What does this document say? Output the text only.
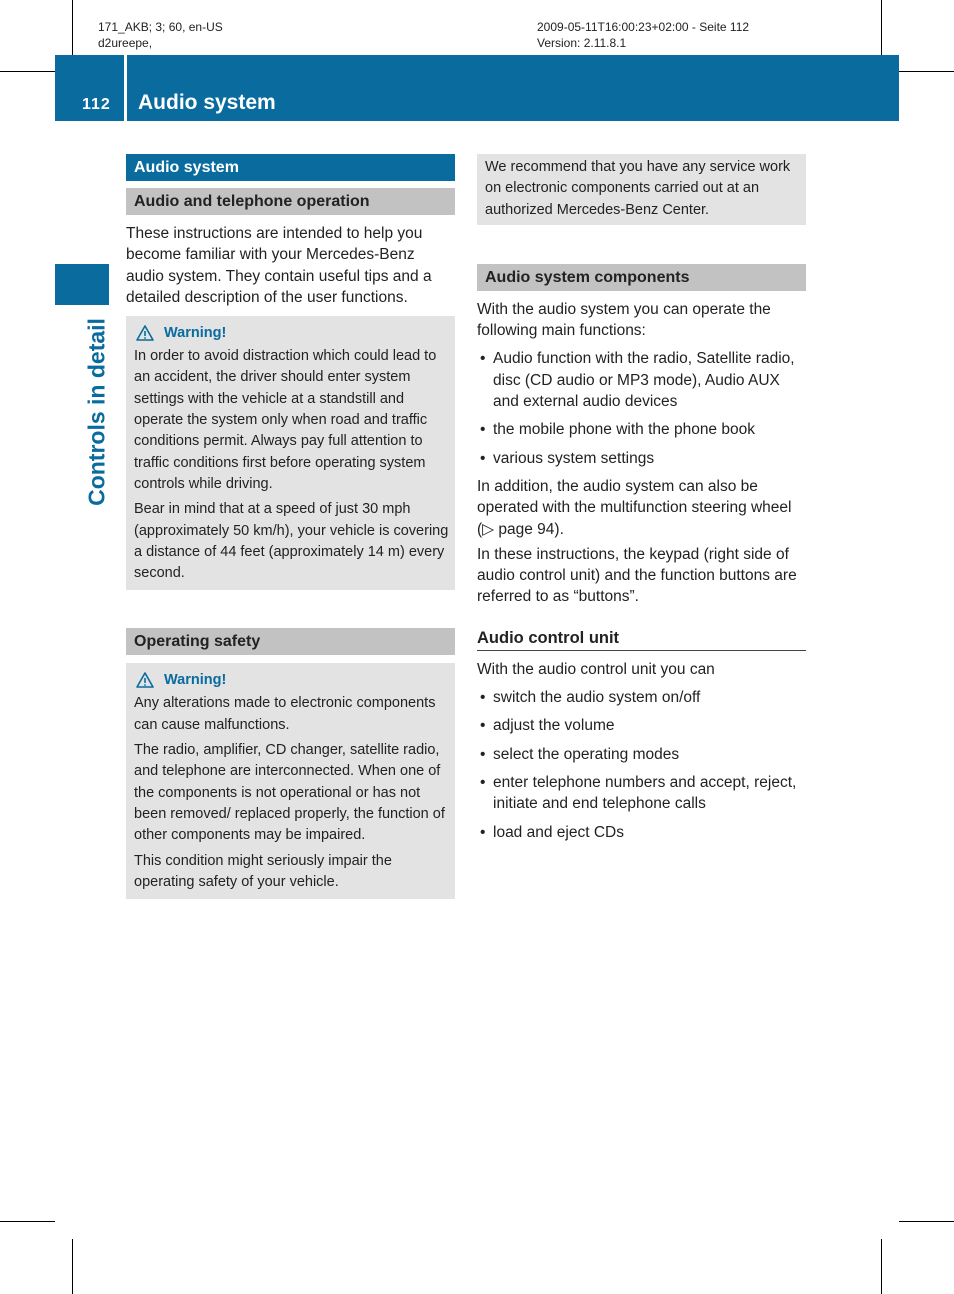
171_AKB; 3; 60, en-US
d2ureepe,
2009-05-11T16:00:23+02:00 - Seite 112
Version: 2.11.8.1
112 Audio system
Controls in detail
Audio system
Audio and telephone operation

These instructions are intended to help you become familiar with your Mercedes-Benz audio system. They contain useful tips and a detailed description of the user functions.

Warning!

In order to avoid distraction which could lead to an accident, the driver should enter system settings with the vehicle at a standstill and operate the system only when road and traffic conditions permit. Always pay full attention to traffic conditions first before operating system controls while driving.

Bear in mind that at a speed of just 30 mph (approximately 50 km/h), your vehicle is covering a distance of 44 feet (approximately 14 m) every second.

Operating safety
Warning!

Any alterations made to electronic components can cause malfunctions.

The radio, amplifier, CD changer, satellite radio, and telephone are interconnected. When one of the components is not operational or has not been removed/ replaced properly, the function of other components may be impaired.

This condition might seriously impair the operating safety of your vehicle.

We recommend that you have any service work on electronic components carried out at an authorized Mercedes-Benz Center.

Audio system components

With the audio system you can operate the following main functions:

• Audio function with the radio, Satellite radio, disc (CD audio or MP3 mode), Audio AUX and external audio devices
• the mobile phone with the phone book
• various system settings

In addition, the audio system can also be operated with the multifunction steering wheel (▷ page 94).

In these instructions, the keypad (right side of audio control unit) and the function buttons are referred to as “buttons”.

Audio control unit

With the audio control unit you can

• switch the audio system on/off
• adjust the volume
• select the operating modes
• enter telephone numbers and accept, reject, initiate and end telephone calls
• load and eject CDs
